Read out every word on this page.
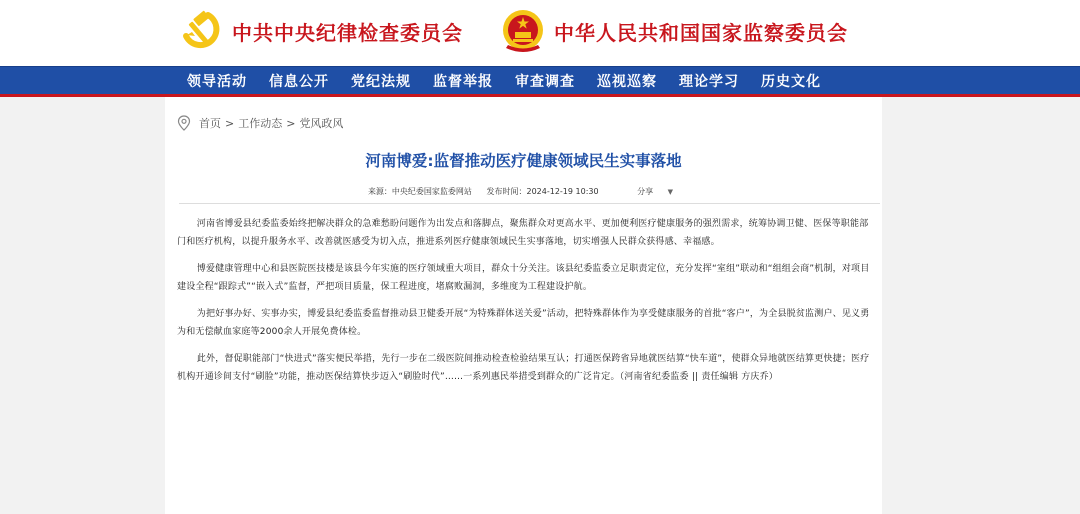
中共中央纪律检查委员会	中华人民共和国国家监察委员会
领导活动 信息公开 党纪法规 监督举报 审查调查 巡视巡察 理论学习 历史文化
首页 > 工作动态 > 党风政风
河南博爱:监督推动医疗健康领域民生实事落地
来源：中央纪委国家监委网站 发布时间：2024-12-19 10:30	分享 ▼

河南省博爱县纪委监委始终把解决群众的急难愁盼问题作为出发点和落脚点，聚焦群众对更高水平、更加便利医疗健康服务的强烈需求，统筹协调卫健、医保等职能部门和医疗机构，以提升服务水平、改善就医感受为切入点，推进系列医疗健康领域民生实事落地，切实增强人民群众获得感、幸福感。

博爱健康管理中心和县医院医技楼是该县今年实施的医疗领域重大项目，群众十分关注。该县纪委监委立足职责定位，充分发挥“室组”联动和“组组会商”机制，对项目建设全程“跟踪式”“嵌入式”监督，严把项目质量，保工程进度，堵腐败漏洞，多维度为工程建设护航。

为把好事办好、实事办实，博爱县纪委监委监督推动县卫健委开展“为特殊群体送关爱”活动，把特殊群体作为享受健康服务的首批“客户”，为全县脱贫监测户、见义勇为和无偿献血家庭等2000余人开展免费体检。

此外，督促职能部门“快进式”落实便民举措，先行一步在二级医院间推动检查检验结果互认；打通医保跨省异地就医结算“快车道”，使群众异地就医结算更快捷；医疗机构开通诊间支付“刷脸”功能，推动医保结算快步迈入“刷脸时代”……一系列惠民举措受到群众的广泛肯定。（河南省纪委监委 || 责任编辑 方庆乔）
